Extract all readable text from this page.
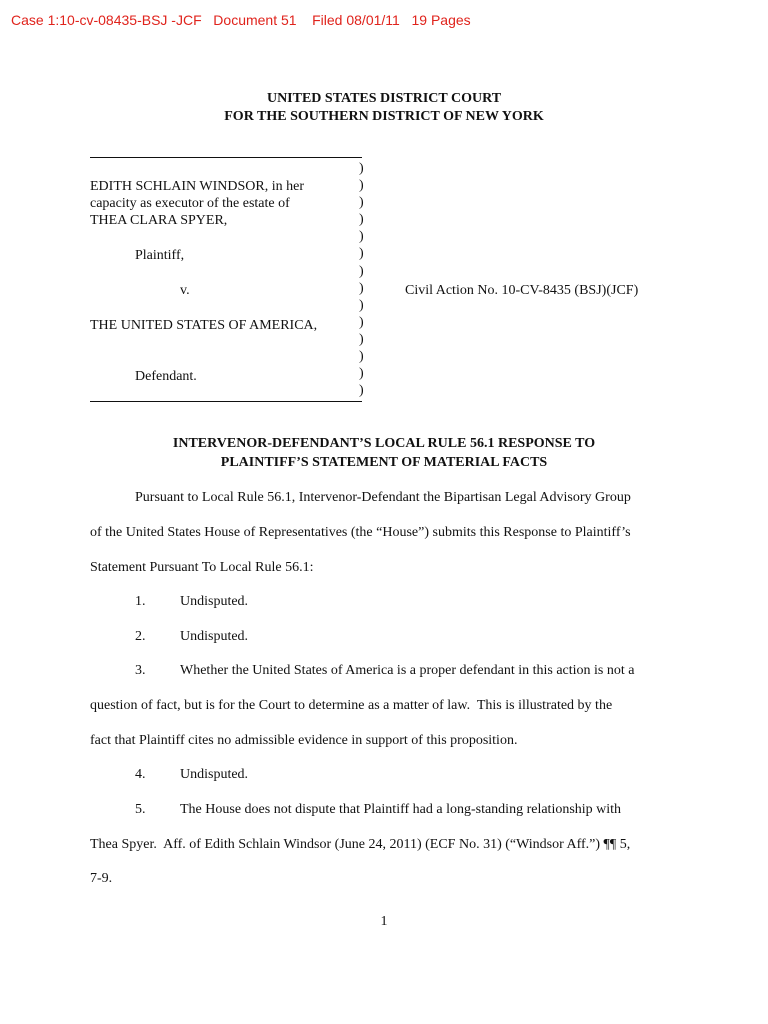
Case 1:10-cv-08435-BSJ -JCF   Document 51    Filed 08/01/11   19 Pages
UNITED STATES DISTRICT COURT
FOR THE SOUTHERN DISTRICT OF NEW YORK
EDITH SCHLAIN WINDSOR, in her
capacity as executor of the estate of
THEA CLARA SPYER,
Plaintiff,
v.	Civil Action No. 10-CV-8435 (BSJ)(JCF)
THE UNITED STATES OF AMERICA,
Defendant.
)
)
)
)
)
)
)
)
)
)
)
)
)
)
INTERVENOR-DEFENDANT’S LOCAL RULE 56.1 RESPONSE TO
PLAINTIFF’S STATEMENT OF MATERIAL FACTS
Pursuant to Local Rule 56.1, Intervenor-Defendant the Bipartisan Legal Advisory Group
of the United States House of Representatives (the “House”) submits this Response to Plaintiff’s
Statement Pursuant To Local Rule 56.1:
1. Undisputed.
2. Undisputed.
3. Whether the United States of America is a proper defendant in this action is not a
question of fact, but is for the Court to determine as a matter of law.  This is illustrated by the
fact that Plaintiff cites no admissible evidence in support of this proposition.
4. Undisputed.
5. The House does not dispute that Plaintiff had a long-standing relationship with
Thea Spyer.  Aff. of Edith Schlain Windsor (June 24, 2011) (ECF No. 31) (“Windsor Aff.”) ¶¶ 5,
7-9.
1
